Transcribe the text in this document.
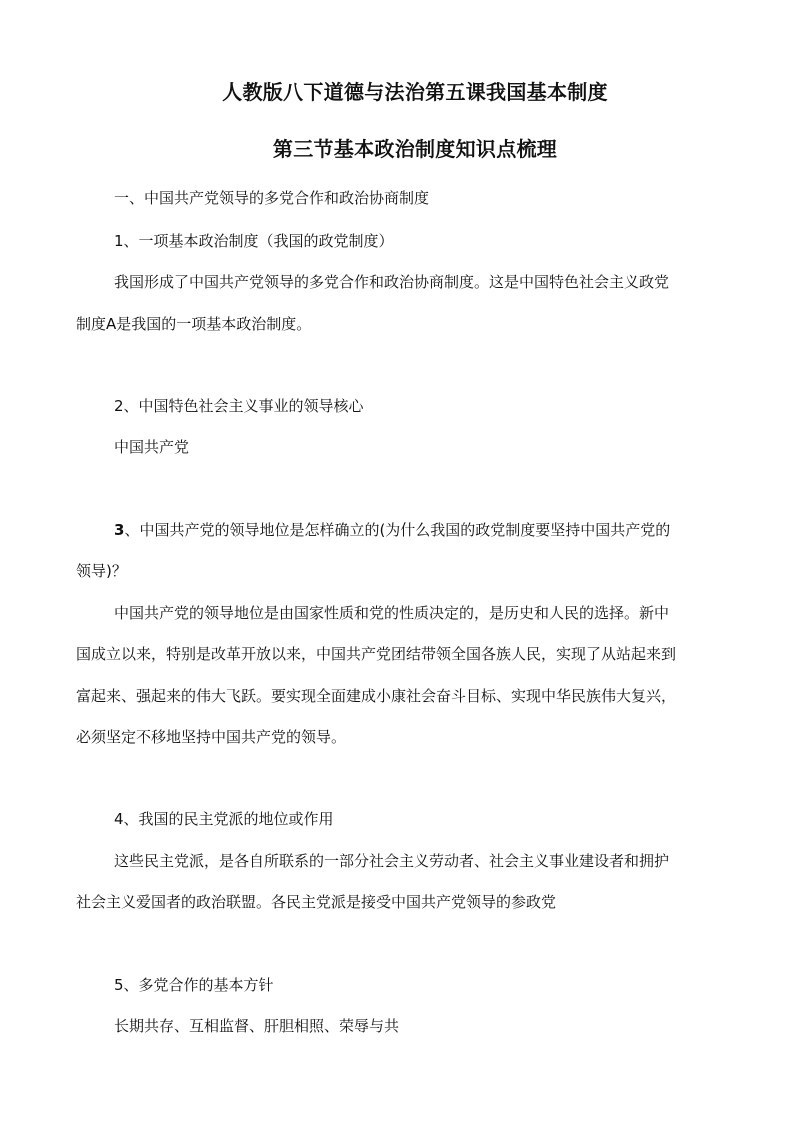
人教版八下道德与法治第五课我国基本制度
第三节基本政治制度知识点梳理

一、中国共产党领导的多党合作和政治协商制度

1、一项基本政治制度（我国的政党制度）

我国形成了中国共产党领导的多党合作和政治协商制度。这是中国特色社会主义政党

制度A是我国的一项基本政治制度。

2、中国特色社会主义事业的领导核心

中国共产党

3、中国共产党的领导地位是怎样确立的(为什么我国的政党制度要坚持中国共产党的

领导)？

中国共产党的领导地位是由国家性质和党的性质决定的，是历史和人民的选择。新中

国成立以来，特别是改革开放以来，中国共产党团结带领全国各族人民，实现了从站起来到

富起来、强起来的伟大飞跃。要实现全面建成小康社会奋斗目标、实现中华民族伟大复兴，

必须坚定不移地坚持中国共产党的领导。

4、我国的民主党派的地位或作用

这些民主党派，是各自所联系的一部分社会主义劳动者、社会主义事业建设者和拥护

社会主义爱国者的政治联盟。各民主党派是接受中国共产党领导的参政党

5、多党合作的基本方针

长期共存、互相监督、肝胆相照、荣辱与共
